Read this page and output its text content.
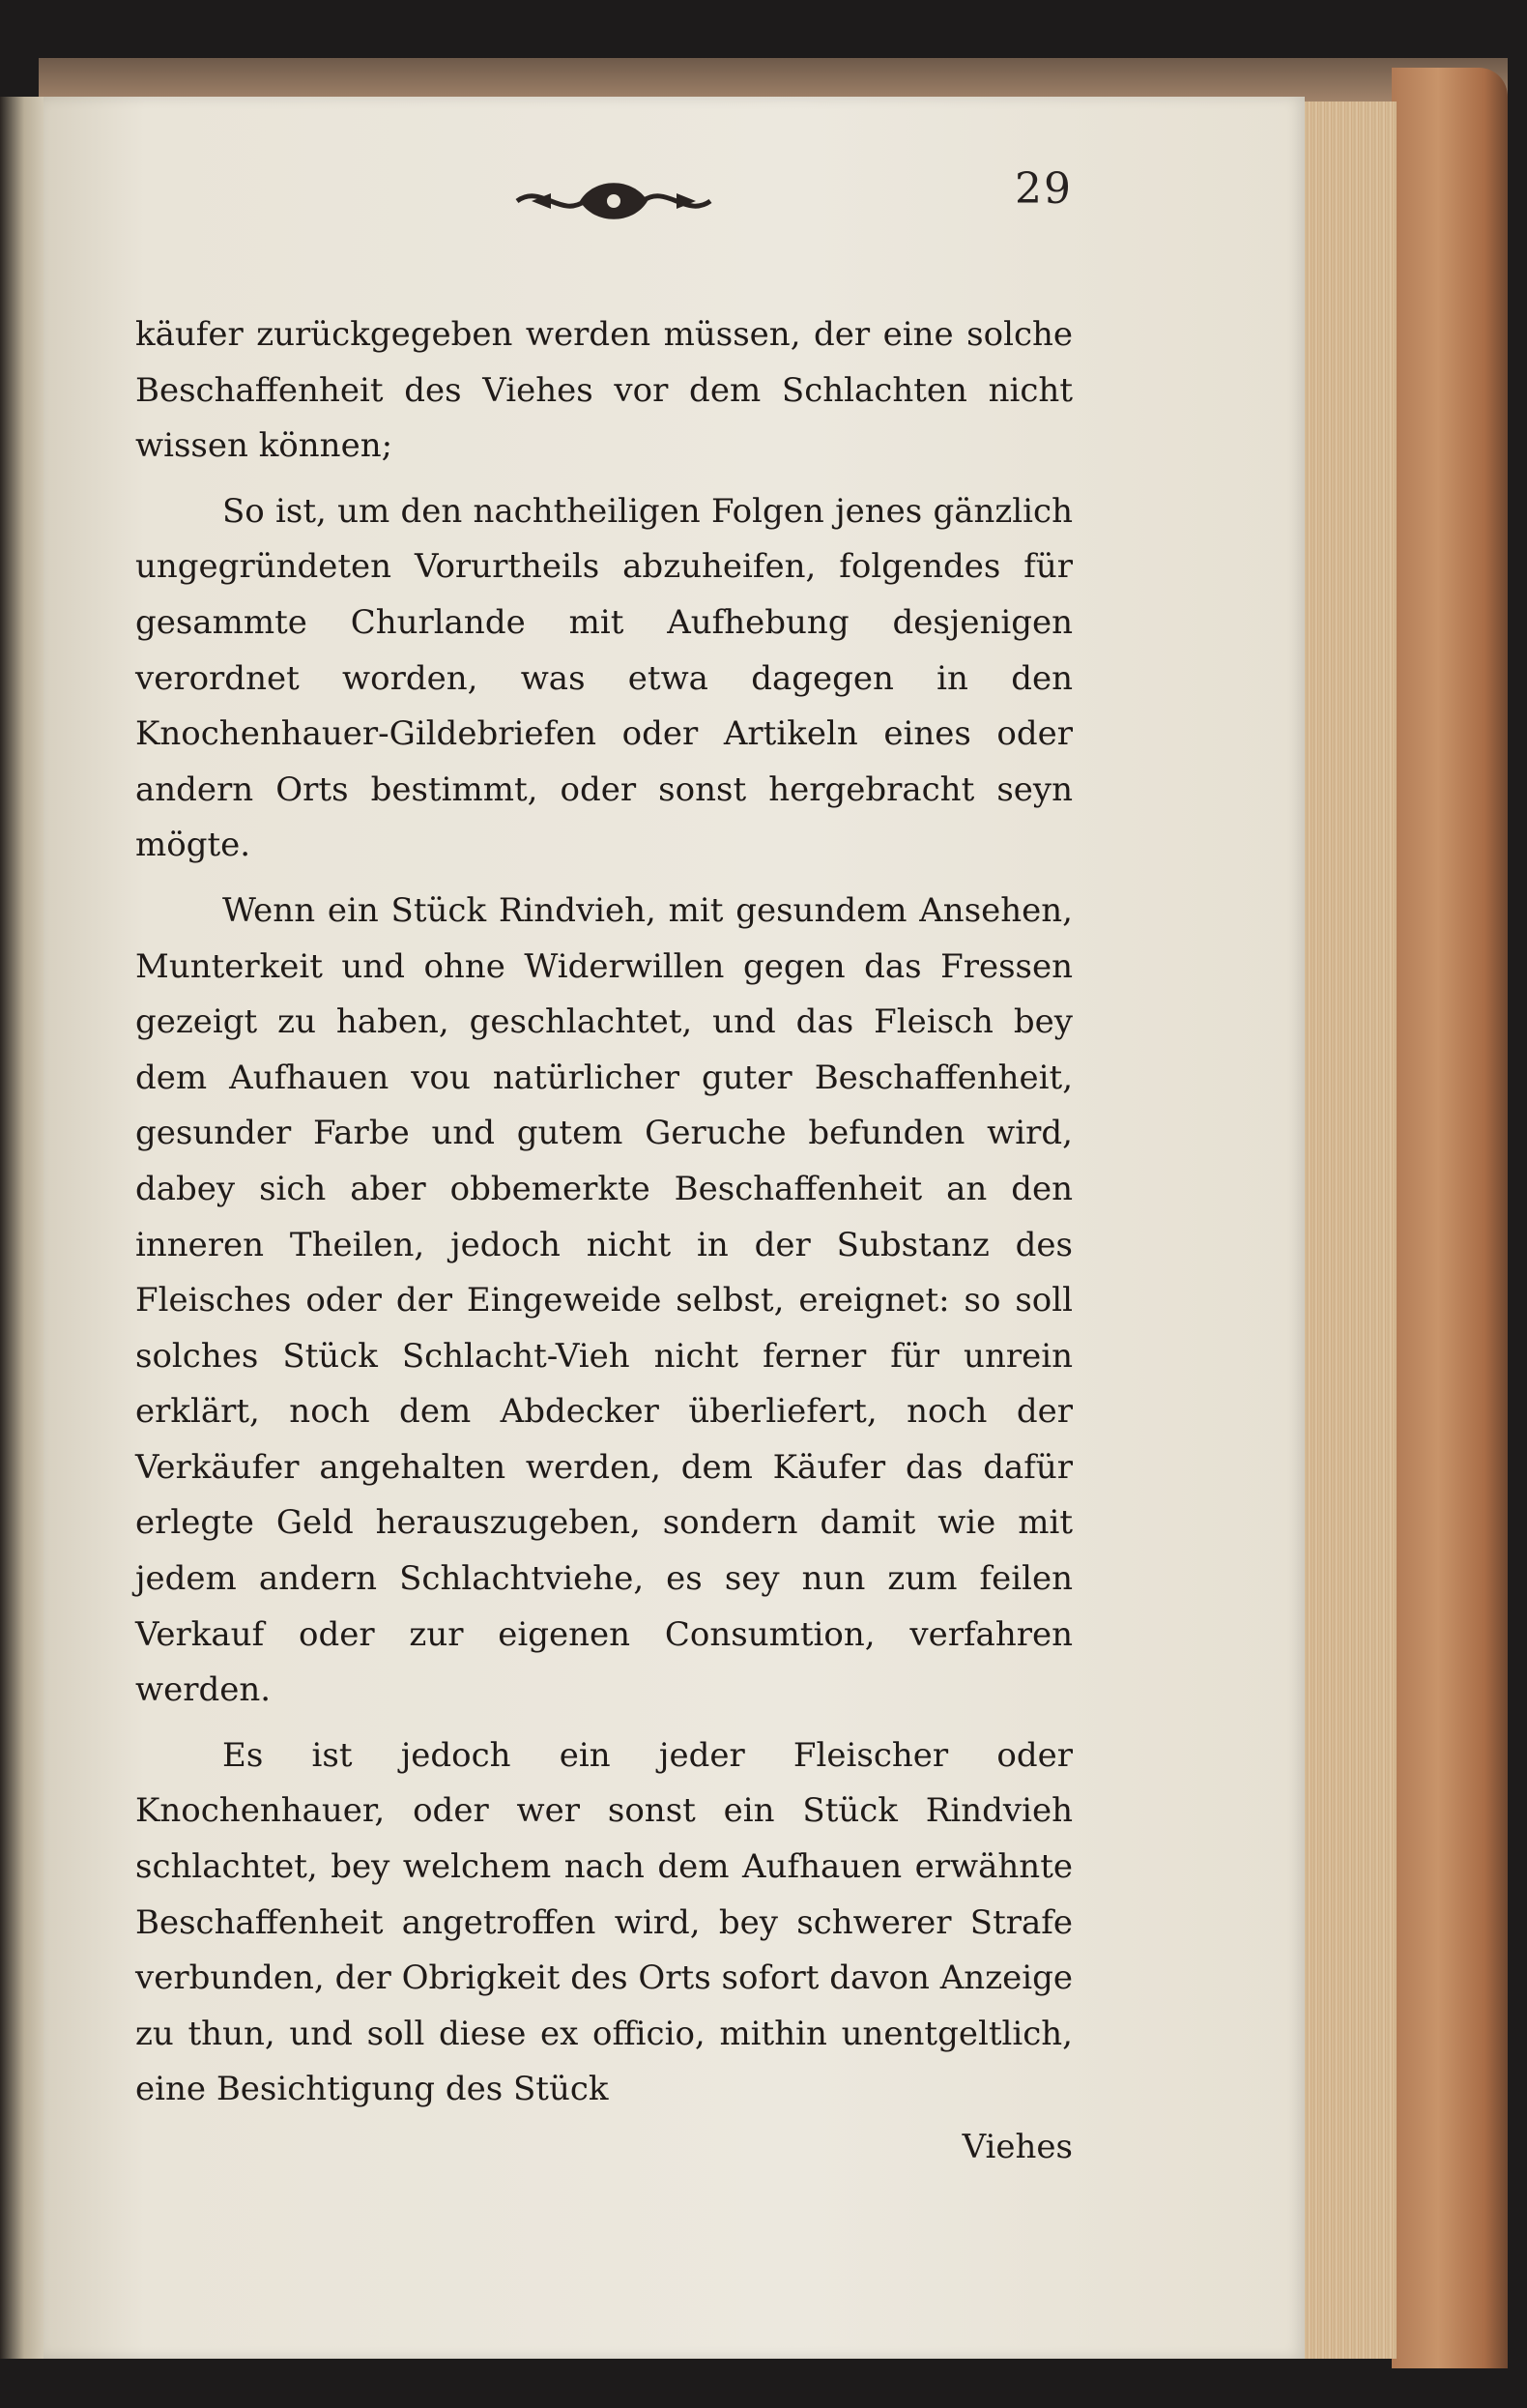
29

käufer zurückgegeben werden müssen, der eine solche Beschaffenheit des Viehes vor dem Schlachten nicht wissen können;

So ist, um den nachtheiligen Folgen jenes gänzlich ungegründeten Vorurtheils abzuheifen, folgendes für gesammte Churlande mit Aufhebung desjenigen verordnet worden, was etwa dagegen in den Knochenhauer-Gildebriefen oder Artikeln eines oder andern Orts bestimmt, oder sonst hergebracht seyn mögte.

Wenn ein Stück Rindvieh, mit gesundem Ansehen, Munterkeit und ohne Widerwillen gegen das Fressen gezeigt zu haben, geschlachtet, und das Fleisch bey dem Aufhauen vou natürlicher guter Beschaffenheit, gesunder Farbe und gutem Geruche befunden wird, dabey sich aber obbemerkte Beschaffenheit an den inneren Theilen, jedoch nicht in der Substanz des Fleisches oder der Eingeweide selbst, ereignet: so soll solches Stück Schlacht-Vieh nicht ferner für unrein erklärt, noch dem Abdecker überliefert, noch der Verkäufer angehalten werden, dem Käufer das dafür erlegte Geld herauszugeben, sondern damit wie mit jedem andern Schlachtviehe, es sey nun zum feilen Verkauf oder zur eigenen Consumtion, verfahren werden.

Es ist jedoch ein jeder Fleischer oder Knochenhauer, oder wer sonst ein Stück Rindvieh schlachtet, bey welchem nach dem Aufhauen erwähnte Beschaffenheit angetroffen wird, bey schwerer Strafe verbunden, der Obrigkeit des Orts sofort davon Anzeige zu thun, und soll diese ex officio, mithin unentgeltlich, eine Besichtigung des Stück

Viehes
